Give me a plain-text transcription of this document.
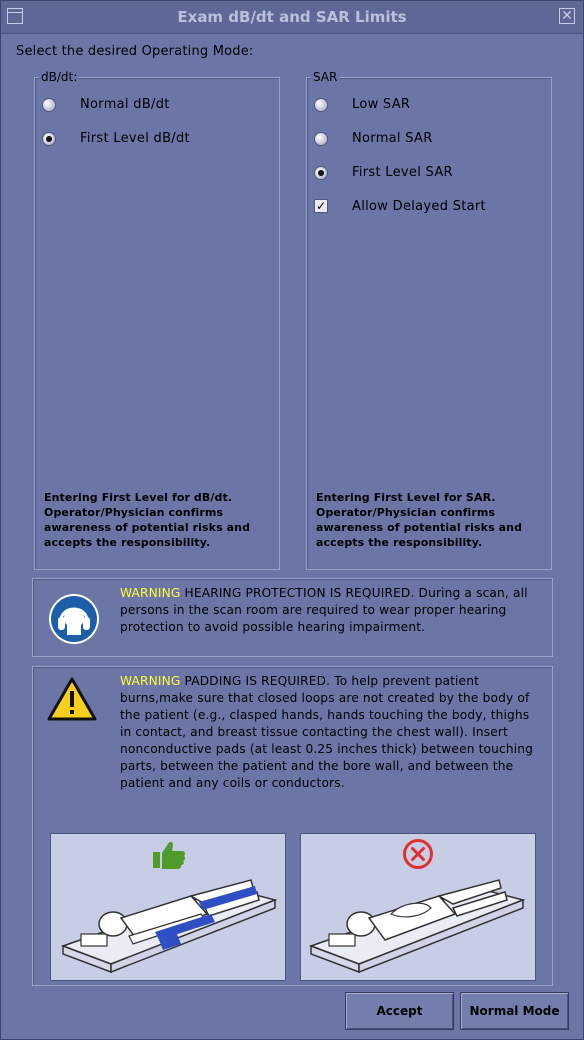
Exam dB/dt and SAR Limits	✕
Select the desired Operating Mode:
dB/dt:
Normal dB/dt
First Level dB/dt
Entering First Level for dB/dt. Operator/Physician confirms awareness of potential risks and accepts the responsibility.
SAR
Low SAR
Normal SAR
First Level SAR
✓ Allow Delayed Start
Entering First Level for SAR. Operator/Physician confirms awareness of potential risks and accepts the responsibility.
WARNING HEARING PROTECTION IS REQUIRED. During a scan, all persons in the scan room are required to wear proper hearing protection to avoid possible hearing impairment.
WARNING PADDING IS REQUIRED. To help prevent patient burns,make sure that closed loops are not created by the body of the patient (e.g., clasped hands, hands touching the body, thighs in contact, and breast tissue contacting the chest wall). Insert nonconductive pads (at least 0.25 inches thick) between touching parts, between the patient and the bore wall, and between the patient and any coils or conductors.
Accept	Normal Mode
